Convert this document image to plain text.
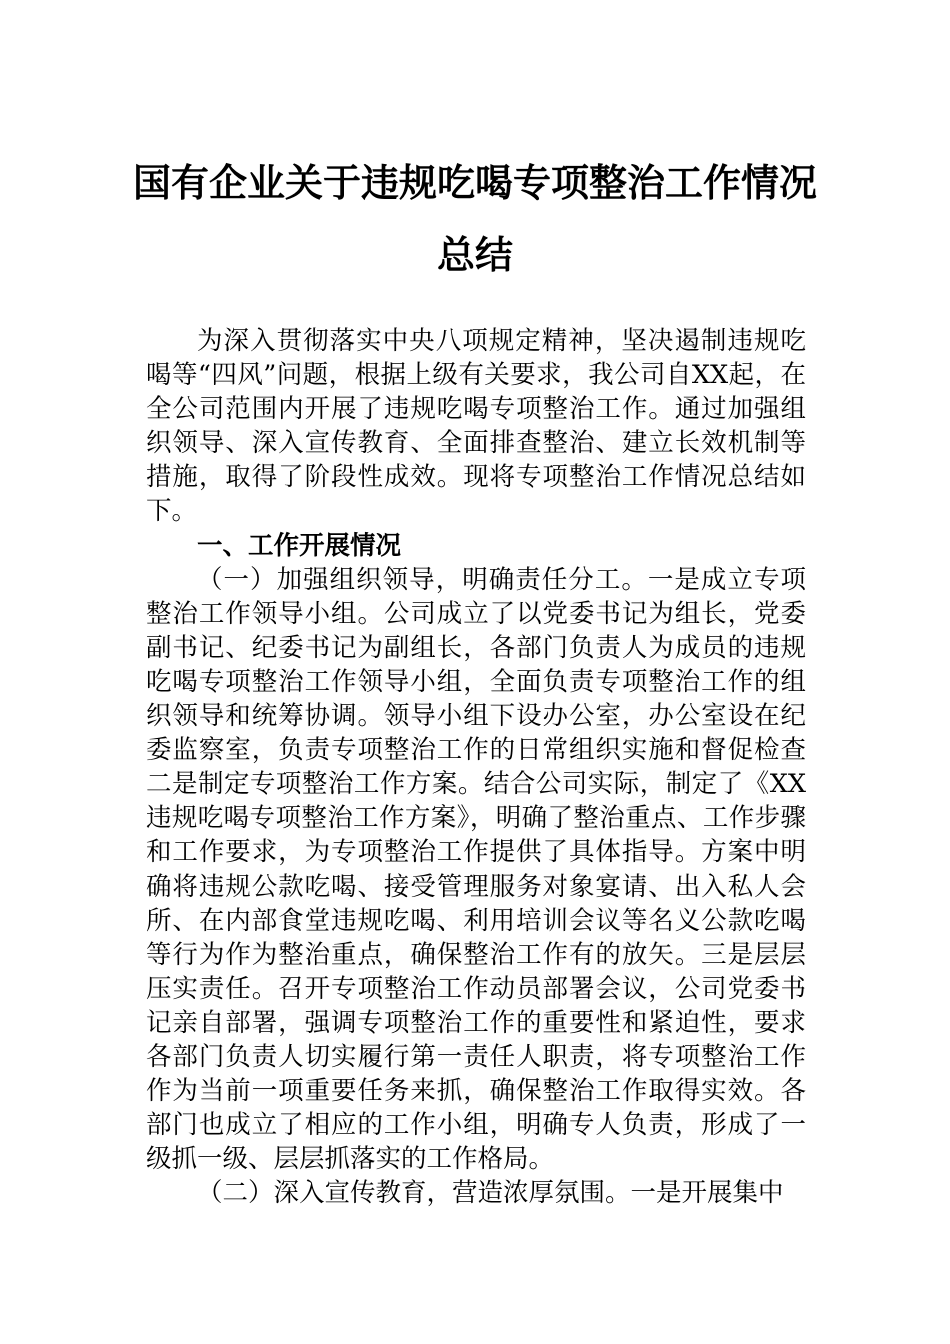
国有企业关于违规吃喝专项整治工作情况
总结

为深入贯彻落实中央八项规定精神，坚决遏制违规吃喝等“四风”问题，根据上级有关要求，我公司自XX起，在全公司范围内开展了违规吃喝专项整治工作。通过加强组织领导、深入宣传教育、全面排查整治、建立长效机制等措施，取得了阶段性成效。现将专项整治工作情况总结如下。

一、工作开展情况

（一）加强组织领导，明确责任分工。一是成立专项整治工作领导小组。公司成立了以党委书记为组长，党委副书记、纪委书记为副组长，各部门负责人为成员的违规吃喝专项整治工作领导小组，全面负责专项整治工作的组织领导和统筹协调。领导小组下设办公室，办公室设在纪委监察室，负责专项整治工作的日常组织实施和督促检查二是制定专项整治工作方案。结合公司实际，制定了《XX违规吃喝专项整治工作方案》，明确了整治重点、工作步骤和工作要求，为专项整治工作提供了具体指导。方案中明确将违规公款吃喝、接受管理服务对象宴请、出入私人会所、在内部食堂违规吃喝、利用培训会议等名义公款吃喝等行为作为整治重点，确保整治工作有的放矢。三是层层压实责任。召开专项整治工作动员部署会议，公司党委书记亲自部署，强调专项整治工作的重要性和紧迫性，要求各部门负责人切实履行第一责任人职责，将专项整治工作作为当前一项重要任务来抓，确保整治工作取得实效。各部门也成立了相应的工作小组，明确专人负责，形成了一级抓一级、层层抓落实的工作格局。

（二）深入宣传教育，营造浓厚氛围。一是开展集中
